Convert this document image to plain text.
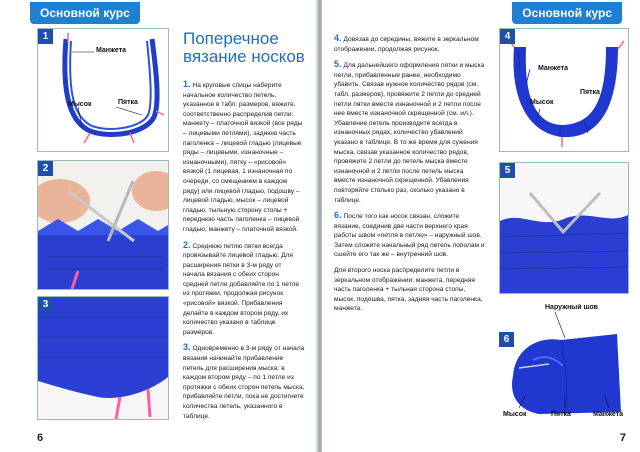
Основной курс
1
Манжета
Пятка
Мысок
2
3
Поперечное
вязание носков

1. На круговые спицы наберите начальное количество петель, указанное в табл. размеров, вяжите, соответственно распределив петли: манжету – платочной вязкой (все ряды – лицевыми петлями), заднюю часть паголенка – лицевой гладью (лицевые ряды – лицевыми, изнаночные – изнаночными), пятку – «рисовой» вязкой (1 лицевая, 1 изнаночная по очереди, со смещением в каждом ряду) или лицевой гладью, подошву – лицевой гладью, мысок – лицевой гладью, тыльную сторону стопы + переднюю часть паголенка – лицевой гладью, манжету – платочной вязкой.

2. Среднюю петлю пятки всегда провязывайте лицевой гладью. Для расширения пятки в 3-м ряду от начала вязания с обеих сторон средней петли добавляйте по 1 петле из протяжки, продолжая рисунок «рисовой» вязкой. Прибавления делайте в каждом втором ряду, их количество указано в таблице размеров.

3. Одновременно в 3-м ряду от начала вязания начинайте прибавление петель для расширения мыска: в каждом втором ряду – по 1 петле из протяжки с обеих сторон петель мыска, прибавляйте петли, пока не достигнете количества петель, указанного в таблице.

6
Основной курс

4. Довязав до середины, вяжите в зеркальном отображении, продолжая рисунок.

5. Для дальнейшего оформления пятки и мыска петли, прибавленные ранее, необходимо убавить. Связав нужное количество рядов (см. табл. размеров), провяжите 2 петли до средней петли пятки вместе изнаночной и 2 петли после нее вместе изнаночной скрещенной (см. ил.). Убавление петель производите всегда в изнаночных рядах, количество убавлений указано в таблице. В то же время для сужения мыска, связав указанное количество рядов, провяжите 2 петли до петель мыска вместе изнаночной и 2 петли после петель мыска вместе изнаночной скрещенной. Убавления повторяйте столько раз, сколько указано в таблице.

6. После того как носок связан, сложите вязание, соединив две части верхнего края работы швом «петля в петлю» – наружный шов. Затем сложите начальный ряд петель пополам и сшейте его так же – внутренний шов.

Для второго носка распределите петли в зеркальном отображении: манжета, передняя часть паголенка + тыльная сторона стопы, мысок, подошва, пятка, задняя часть паголенка, манжета.

4
Манжета
Пятка
Мысок
5
6
Наружный шов
Мысок	Пятка	Манжета
7
